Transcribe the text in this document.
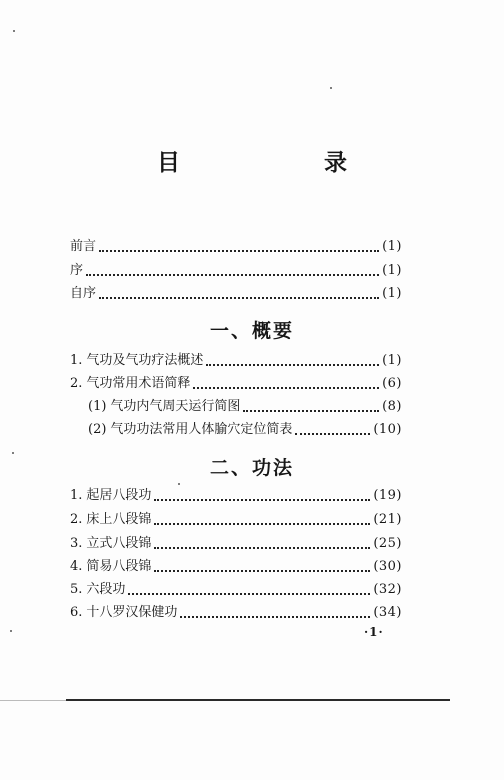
目 录
前言	(1)
序	(1)
自序	(1)
一、概要
1. 气功及气功疗法概述	(1)
2. 气功常用术语简释	(6)
(1) 气功内气周天运行简图	(8)
(2) 气功功法常用人体腧穴定位简表	(10)
二、功法
1. 起居八段功	(19)
2. 床上八段锦	(21)
3. 立式八段锦	(25)
4. 简易八段锦	(30)
5. 六段功	(32)
6. 十八罗汉保健功	(34)
·1·
